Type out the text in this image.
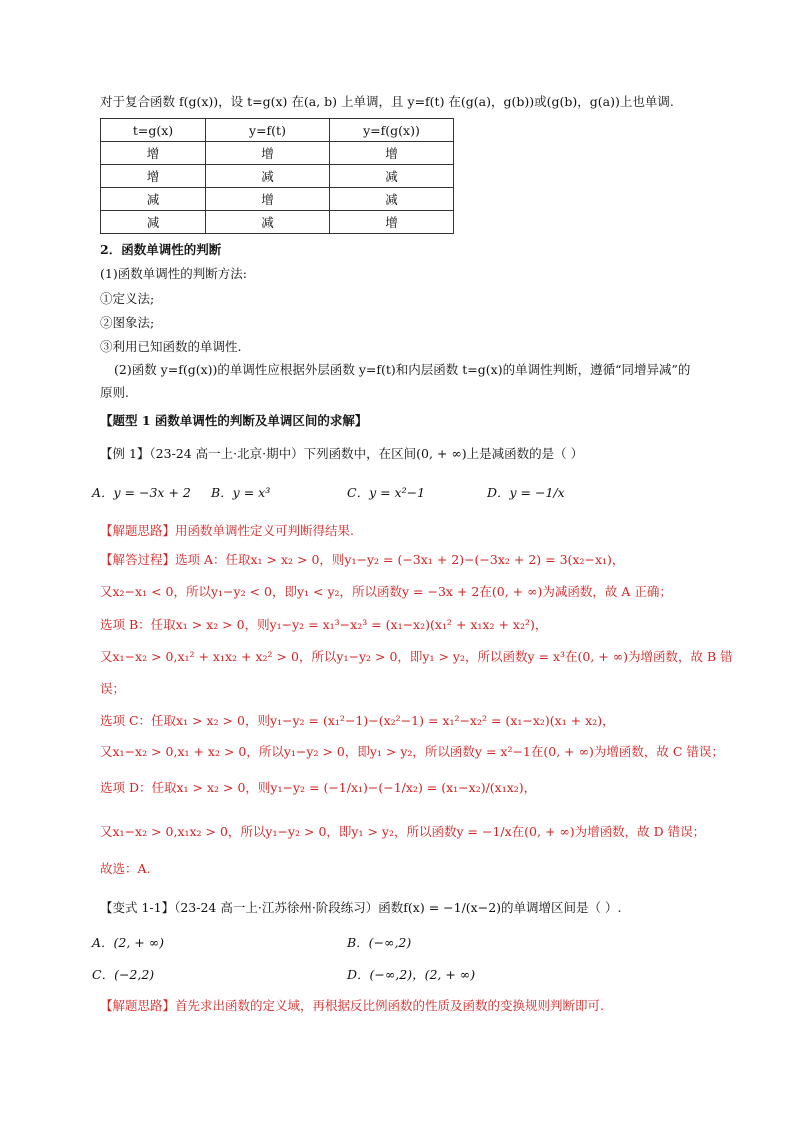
对于复合函数 f(g(x))，设 t=g(x) 在(a, b) 上单调，且 y=f(t) 在(g(a)，g(b))或(g(b)，g(a))上也单调.
t=g(x)	y=f(t)	y=f(g(x))
增	增	增
增	减	减
减	增	减
减	减	增
2．函数单调性的判断
(1)函数单调性的判断方法:
①定义法;
②图象法;
③利用已知函数的单调性.
(2)函数 y=f(g(x))的单调性应根据外层函数 y=f(t)和内层函数 t=g(x)的单调性判断，遵循“同增异减”的
原则.
【题型 1 函数单调性的判断及单调区间的求解】
【例 1】（23-24 高一上·北京·期中）下列函数中，在区间(0, + ∞)上是减函数的是（ ）
A．y = −3x + 2 B．y = x³	C．y = x²−1	D．y = −1/x
【解题思路】用函数单调性定义可判断得结果.
【解答过程】选项 A：任取x₁ > x₂ > 0，则y₁−y₂ = (−3x₁ + 2)−(−3x₂ + 2) = 3(x₂−x₁)，
又x₂−x₁ < 0，所以y₁−y₂ < 0，即y₁ < y₂，所以函数y = −3x + 2在(0, + ∞)为减函数，故 A 正确；
选项 B：任取x₁ > x₂ > 0，则y₁−y₂ = x₁³−x₂³ = (x₁−x₂)(x₁² + x₁x₂ + x₂²)，
又x₁−x₂ > 0,x₁² + x₁x₂ + x₂² > 0，所以y₁−y₂ > 0，即y₁ > y₂，所以函数y = x³在(0, + ∞)为增函数，故 B 错
误；
选项 C：任取x₁ > x₂ > 0，则y₁−y₂ = (x₁²−1)−(x₂²−1) = x₁²−x₂² = (x₁−x₂)(x₁ + x₂)，
又x₁−x₂ > 0,x₁ + x₂ > 0，所以y₁−y₂ > 0，即y₁ > y₂，所以函数y = x²−1在(0, + ∞)为增函数，故 C 错误；
选项 D：任取x₁ > x₂ > 0，则y₁−y₂ = (−1/x₁)−(−1/x₂) = (x₁−x₂)/(x₁x₂)，
又x₁−x₂ > 0,x₁x₂ > 0，所以y₁−y₂ > 0，即y₁ > y₂，所以函数y = −1/x在(0, + ∞)为增函数，故 D 错误；
故选：A.
【变式 1-1】（23-24 高一上·江苏徐州·阶段练习）函数f(x) = −1/(x−2)的单调增区间是（ ）.
A．(2, + ∞)	B．(−∞,2)
C．(−2,2)	D．(−∞,2)，(2, + ∞)
【解题思路】首先求出函数的定义域，再根据反比例函数的性质及函数的变换规则判断即可.
